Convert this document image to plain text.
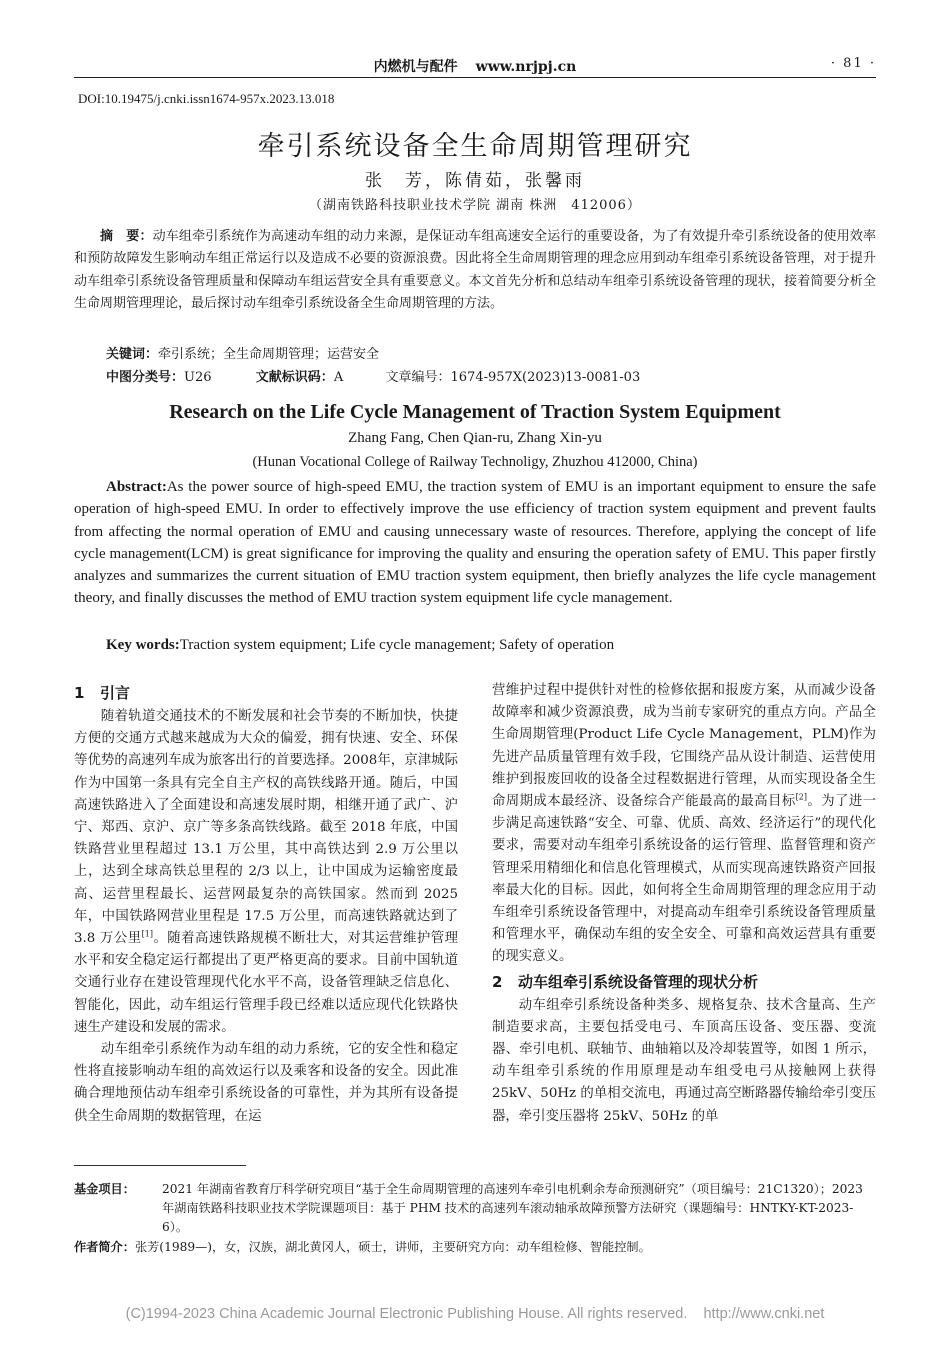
内燃机与配件 www.nrjpj.cn	· 81 ·
DOI:10.19475/j.cnki.issn1674-957x.2023.13.018
牵引系统设备全生命周期管理研究
张　芳，陈倩茹，张馨雨
（湖南铁路科技职业技术学院 湖南 株洲　412006）
摘　要：动车组牵引系统作为高速动车组的动力来源，是保证动车组高速安全运行的重要设备，为了有效提升牵引系统设备的使用效率和预防故障发生影响动车组正常运行以及造成不必要的资源浪费。因此将全生命周期管理的理念应用到动车组牵引系统设备管理，对于提升动车组牵引系统设备管理质量和保障动车组运营安全具有重要意义。本文首先分析和总结动车组牵引系统设备管理的现状，接着简要分析全生命周期管理理论，最后探讨动车组牵引系统设备全生命周期管理的方法。
关键词：牵引系统；全生命周期管理；运营安全
中图分类号：U26	文献标识码：A	文章编号：1674-957X(2023)13-0081-03
Research on the Life Cycle Management of Traction System Equipment
Zhang Fang, Chen Qian-ru, Zhang Xin-yu
(Hunan Vocational College of Railway Technoligy, Zhuzhou 412000, China)
Abstract:As the power source of high-speed EMU, the traction system of EMU is an important equipment to ensure the safe operation of high-speed EMU. In order to effectively improve the use efficiency of traction system equipment and prevent faults from affecting the normal operation of EMU and causing unnecessary waste of resources. Therefore, applying the concept of life cycle management(LCM) is great significance for improving the quality and ensuring the operation safety of EMU. This paper firstly analyzes and summarizes the current situation of EMU traction system equipment, then briefly analyzes the life cycle management theory, and finally discusses the method of EMU traction system equipment life cycle management.
Key words:Traction system equipment; Life cycle management; Safety of operation

1 引言

随着轨道交通技术的不断发展和社会节奏的不断加快，快捷方便的交通方式越来越成为大众的偏爱，拥有快速、安全、环保等优势的高速列车成为旅客出行的首要选择。2008年，京津城际作为中国第一条具有完全自主产权的高铁线路开通。随后，中国高速铁路进入了全面建设和高速发展时期，相继开通了武广、沪宁、郑西、京沪、京广等多条高铁线路。截至 2018 年底，中国铁路营业里程超过 13.1 万公里，其中高铁达到 2.9 万公里以上，达到全球高铁总里程的 2/3 以上，让中国成为运输密度最高、运营里程最长、运营网最复杂的高铁国家。然而到 2025 年，中国铁路网营业里程是 17.5 万公里，而高速铁路就达到了 3.8 万公里[1]。随着高速铁路规模不断壮大，对其运营维护管理水平和安全稳定运行都提出了更严格更高的要求。目前中国轨道交通行业存在建设管理现代化水平不高，设备管理缺乏信息化、智能化，因此，动车组运行管理手段已经难以适应现代化铁路快速生产建设和发展的需求。

动车组牵引系统作为动车组的动力系统，它的安全性和稳定性将直接影响动车组的高效运行以及乘客和设备的安全。因此准确合理地预估动车组牵引系统设备的可靠性，并为其所有设备提供全生命周期的数据管理，在运

营维护过程中提供针对性的检修依据和报废方案，从而减少设备故障率和减少资源浪费，成为当前专家研究的重点方向。产品全生命周期管理(Product Life Cycle Management，PLM)作为先进产品质量管理有效手段，它围绕产品从设计制造、运营使用维护到报废回收的设备全过程数据进行管理，从而实现设备全生命周期成本最经济、设备综合产能最高的最高目标[2]。为了进一步满足高速铁路“安全、可靠、优质、高效、经济运行”的现代化要求，需要对动车组牵引系统设备的运行管理、监督管理和资产管理采用精细化和信息化管理模式，从而实现高速铁路资产回报率最大化的目标。因此，如何将全生命周期管理的理念应用于动车组牵引系统设备管理中，对提高动车组牵引系统设备管理质量和管理水平，确保动车组的安全安全、可靠和高效运营具有重要的现实意义。

2 动车组牵引系统设备管理的现状分析

动车组牵引系统设备种类多、规格复杂、技术含量高、生产制造要求高，主要包括受电弓、车顶高压设备、变压器、变流器、牵引电机、联轴节、曲轴箱以及冷却装置等，如图 1 所示，动车组牵引系统的作用原理是动车组受电弓从接触网上获得 25kV、50Hz 的单相交流电，再通过高空断路器传输给牵引变压器，牵引变压器将 25kV、50Hz 的单

基金项目： 2021 年湖南省教育厅科学研究项目“基于全生命周期管理的高速列车牵引电机剩余寿命预测研究”（项目编号：21C1320）；2023 年湖南铁路科技职业技术学院课题项目：基于 PHM 技术的高速列车滚动轴承故障预警方法研究（课题编号：HNTKY-KT-2023-6）。
作者简介：张芳(1989—)，女，汉族，湖北黄冈人，硕士，讲师，主要研究方向：动车组检修、智能控制。
(C)1994-2023 China Academic Journal Electronic Publishing House. All rights reserved.    http://www.cnki.net
